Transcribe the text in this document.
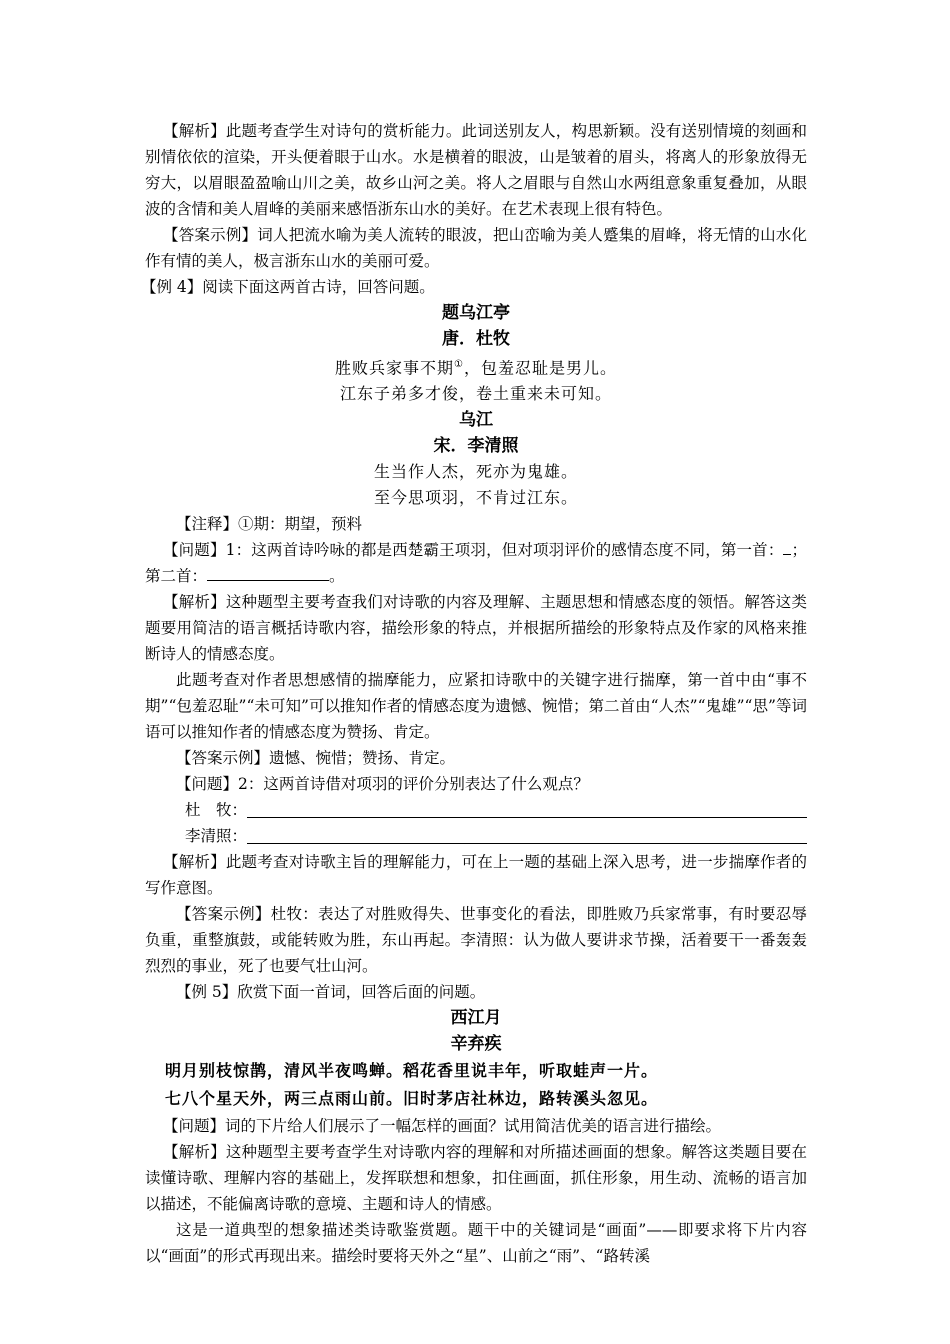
【解析】此题考查学生对诗句的赏析能力。此词送别友人，构思新颖。没有送别情境的刻画和别情依依的渲染，开头便着眼于山水。水是横着的眼波，山是皱着的眉头，将离人的形象放得无穷大，以眉眼盈盈喻山川之美，故乡山河之美。将人之眉眼与自然山水两组意象重复叠加，从眼波的含情和美人眉峰的美丽来感悟浙东山水的美好。在艺术表现上很有特色。

【答案示例】词人把流水喻为美人流转的眼波，把山峦喻为美人蹙集的眉峰，将无情的山水化作有情的美人，极言浙东山水的美丽可爱。

【例 4】阅读下面这两首古诗，回答问题。

题乌江亭

唐．杜牧

胜败兵家事不期①，包羞忍耻是男儿。

江东子弟多才俊，卷土重来未可知。

乌江

宋．李清照

生当作人杰，死亦为鬼雄。

至今思项羽，不肯过江东。

【注释】①期：期望，预料

【问题】1：这两首诗吟咏的都是西楚霸王项羽，但对项羽评价的感情态度不同，第一首： ；第二首：	。

【解析】这种题型主要考查我们对诗歌的内容及理解、主题思想和情感态度的领悟。解答这类题要用简洁的语言概括诗歌内容，描绘形象的特点，并根据所描绘的形象特点及作家的风格来推断诗人的情感态度。

此题考查对作者思想感情的揣摩能力，应紧扣诗歌中的关键字进行揣摩，第一首中由“事不期”“包羞忍耻”“未可知”可以推知作者的情感态度为遗憾、惋惜；第二首由“人杰”“鬼雄”“思”等词语可以推知作者的情感态度为赞扬、肯定。

【答案示例】遗憾、惋惜；赞扬、肯定。

【问题】2：这两首诗借对项羽的评价分别表达了什么观点？

杜　牧：
李清照：

【解析】此题考查对诗歌主旨的理解能力，可在上一题的基础上深入思考，进一步揣摩作者的写作意图。

【答案示例】杜牧：表达了对胜败得失、世事变化的看法，即胜败乃兵家常事，有时要忍辱负重，重整旗鼓，或能转败为胜，东山再起。李清照：认为做人要讲求节操，活着要干一番轰轰烈烈的事业，死了也要气壮山河。

【例 5】欣赏下面一首词，回答后面的问题。

西江月

辛弃疾

明月别枝惊鹊，清风半夜鸣蝉。稻花香里说丰年，听取蛙声一片。

七八个星天外，两三点雨山前。旧时茅店社林边，路转溪头忽见。

【问题】词的下片给人们展示了一幅怎样的画面？试用简洁优美的语言进行描绘。

【解析】这种题型主要考查学生对诗歌内容的理解和对所描述画面的想象。解答这类题目要在读懂诗歌、理解内容的基础上，发挥联想和想象，扣住画面，抓住形象，用生动、流畅的语言加以描述，不能偏离诗歌的意境、主题和诗人的情感。

这是一道典型的想象描述类诗歌鉴赏题。题干中的关键词是“画面”——即要求将下片内容以“画面”的形式再现出来。描绘时要将天外之“星”、山前之“雨”、“路转溪
